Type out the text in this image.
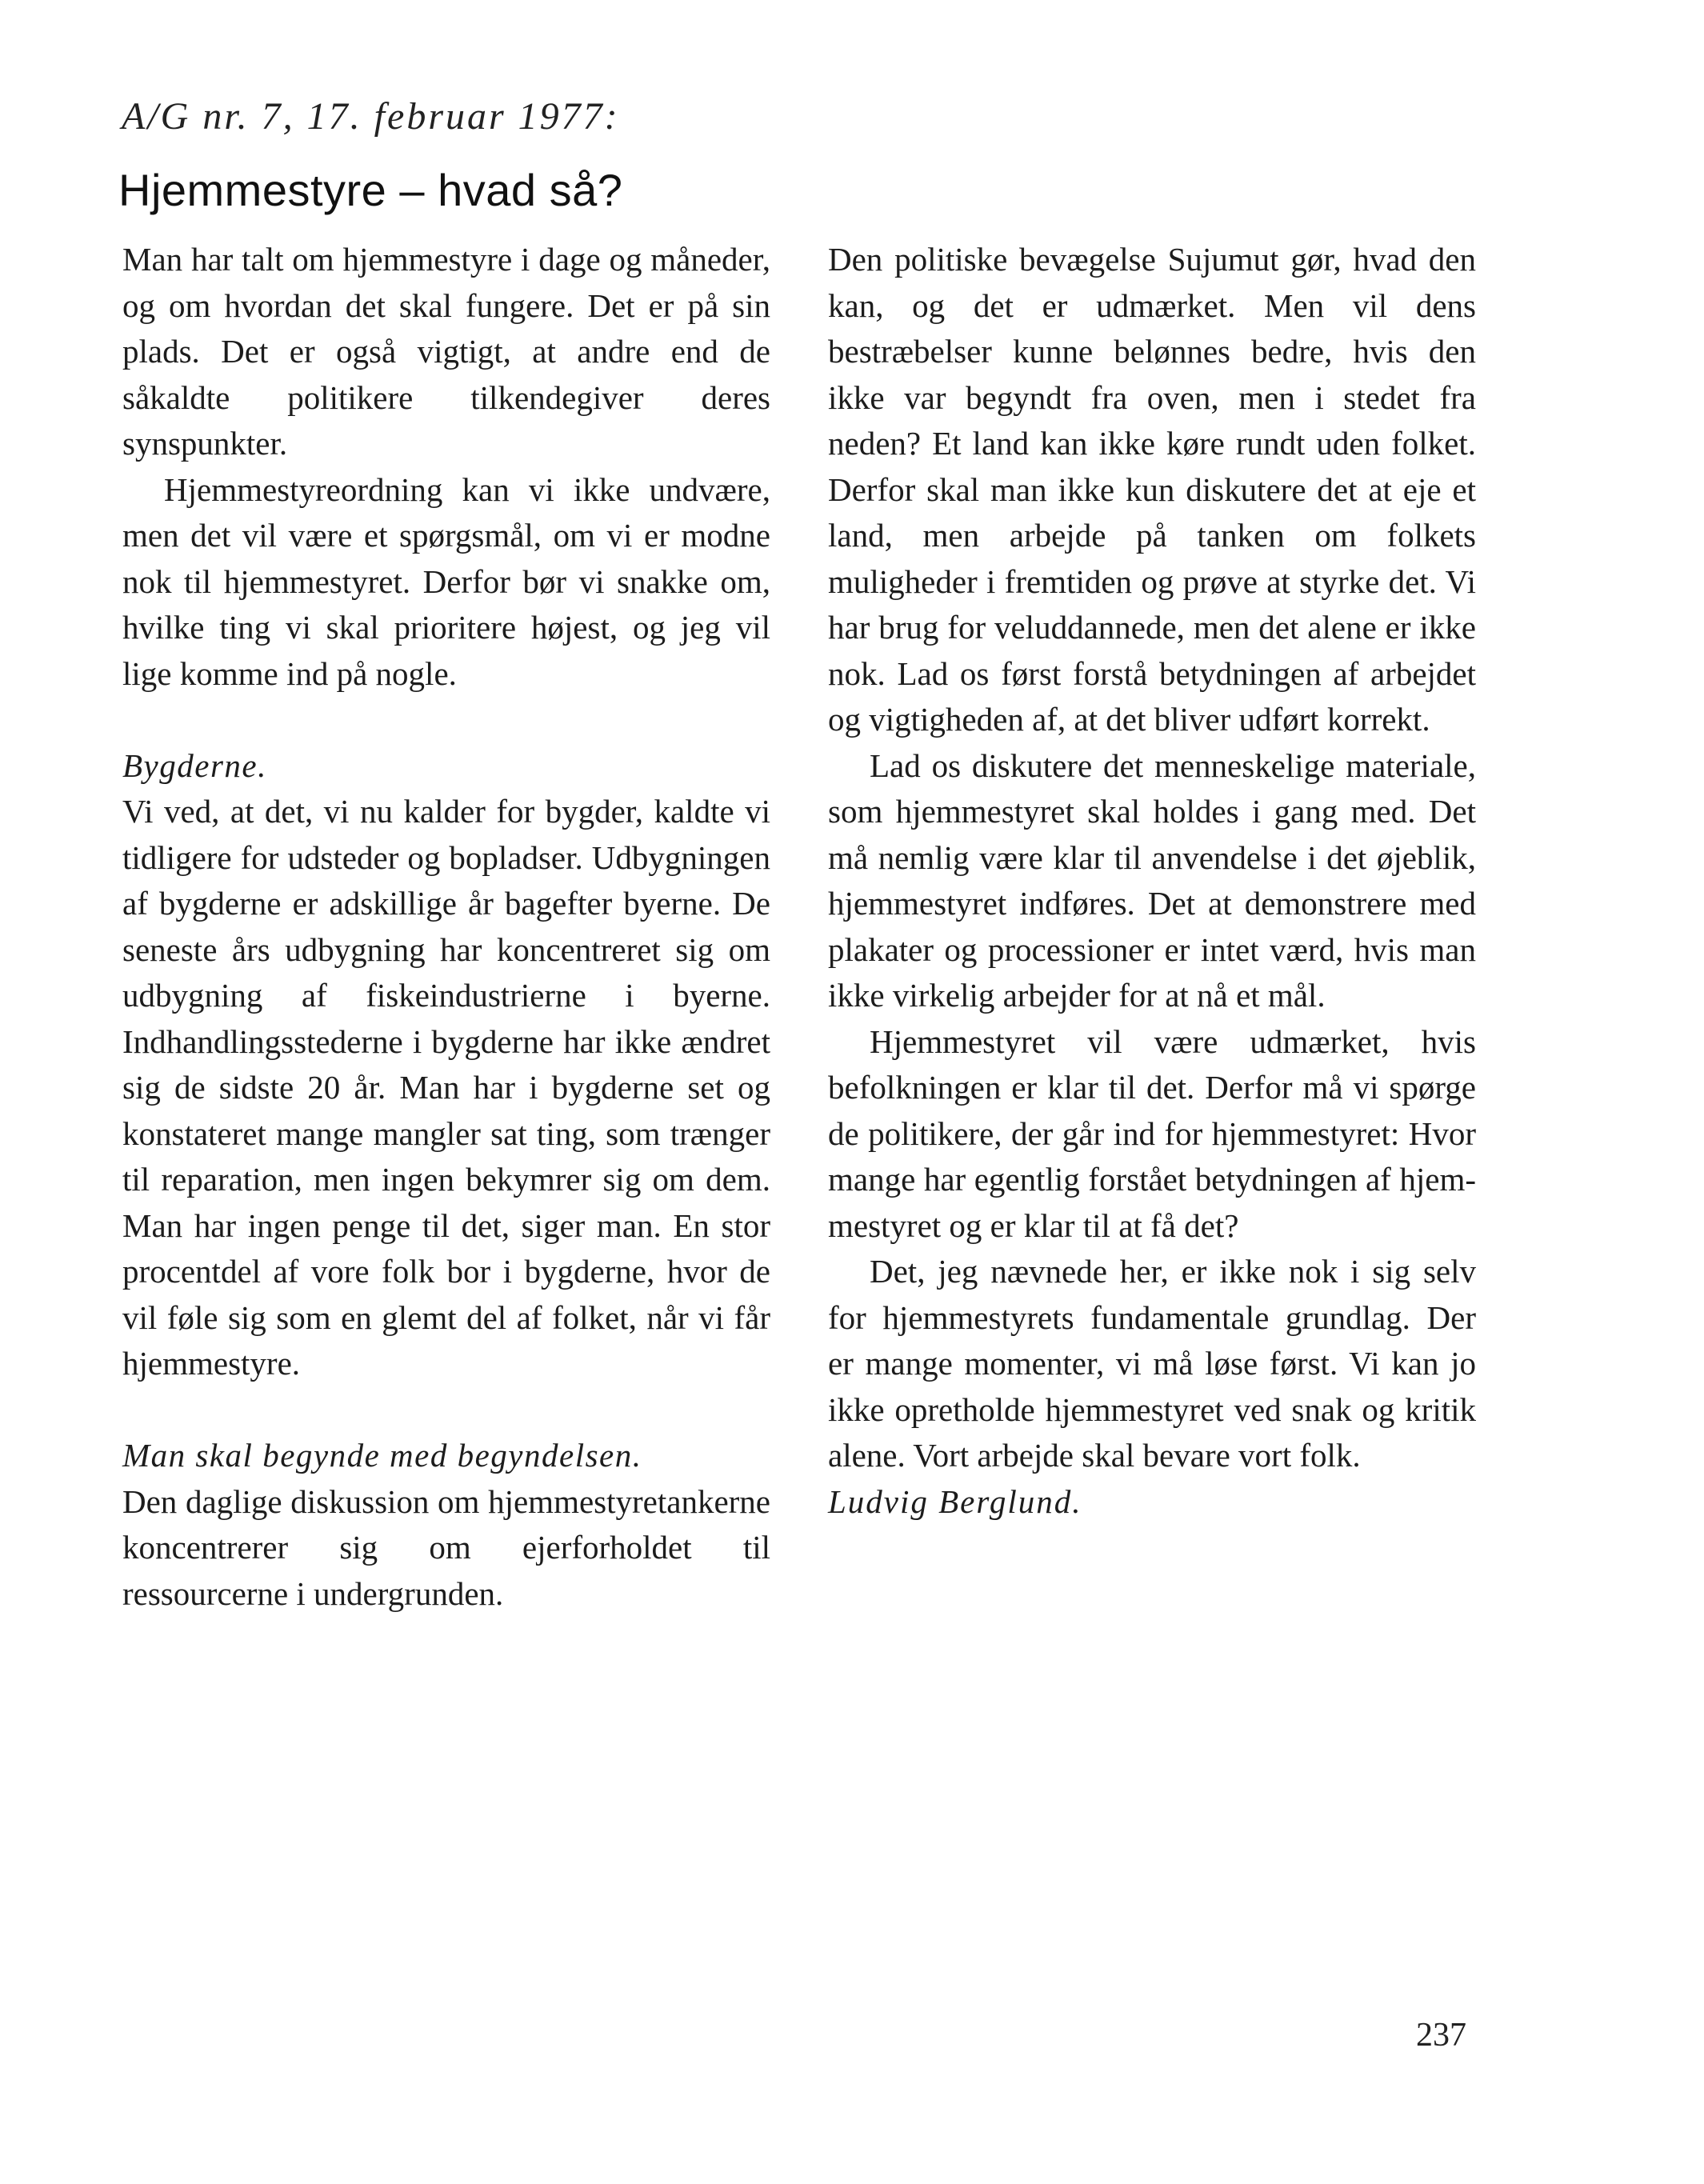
A/G nr. 7, 17. februar 1977:
Hjemmestyre – hvad så?

Man har talt om hjemmestyre i dage og måneder, og om hvordan det skal fungere. Det er på sin plads. Det er også vigtigt, at andre end de såkaldte politikere tilkendegiver deres synspunkter.

Hjemmestyreordning kan vi ikke undvære, men det vil være et spørgsmål, om vi er modne nok til hjemmestyret. Derfor bør vi snakke om, hvilke ting vi skal prioritere højest, og jeg vil lige komme ind på nogle.

Bygderne.

Vi ved, at det, vi nu kalder for bygder, kaldte vi tidligere for udsteder og bopladser. Udbygningen af bygderne er adskillige år bagefter byerne. De seneste års udbygning har koncentreret sig om udbygning af fiskeindustrierne i byerne. Indhandlingsstederne i bygderne har ikke ændret sig de sidste 20 år. Man har i bygderne set og konstateret mange mangler sat ting, som trænger til reparation, men ingen bekymrer sig om dem. Man har ingen penge til det, siger man. En stor procentdel af vore folk bor i bygderne, hvor de vil føle sig som en glemt del af folket, når vi får hjemmestyre.

Man skal begynde med begyndelsen.

Den daglige diskussion om hjemmestyretankerne koncentrerer sig om ejerforholdet til ressourcerne i undergrunden.

Den politiske bevægelse Sujumut gør, hvad den kan, og det er udmærket. Men vil dens bestræbelser kunne belønnes bedre, hvis den ikke var begyndt fra oven, men i stedet fra neden? Et land kan ikke køre rundt uden folket. Derfor skal man ikke kun diskutere det at eje et land, men arbejde på tanken om folkets muligheder i fremtiden og prøve at styrke det. Vi har brug for veluddannede, men det alene er ikke nok. Lad os først forstå betydningen af arbejdet og vigtigheden af, at det bliver udført korrekt.

Lad os diskutere det menneskelige materiale, som hjemmestyret skal holdes i gang med. Det må nemlig være klar til anvendelse i det øjeblik, hjemmestyret indføres. Det at demonstrere med plakater og processioner er intet værd, hvis man ikke virkelig arbejder for at nå et mål.

Hjemmestyret vil være udmærket, hvis befolkningen er klar til det. Derfor må vi spørge de politikere, der går ind for hjemmestyret: Hvor mange har egentlig forstået betydningen af hjemmestyret og er klar til at få det?

Det, jeg nævnede her, er ikke nok i sig selv for hjemmestyrets fundamentale grundlag. Der er mange momenter, vi må løse først. Vi kan jo ikke opretholde hjemmestyret ved snak og kritik alene. Vort arbejde skal bevare vort folk.

Ludvig Berglund.

237
